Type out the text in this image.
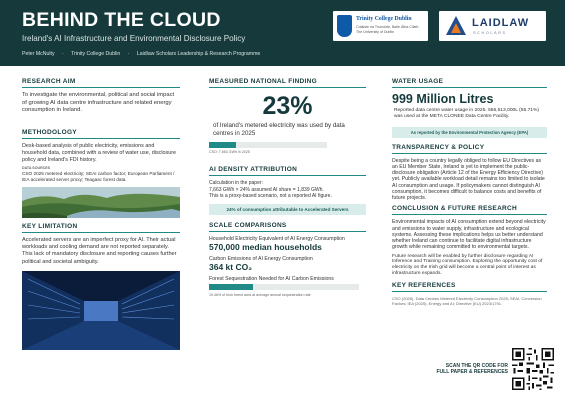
BEHIND THE CLOUD
Ireland's AI Infrastructure and Environmental Disclosure Policy
Peter McNulty · Trinity College Dublin · Laidlaw Scholars Leadership & Research Programme
Trinity College Dublin
Coláiste na Tríonóide, Baile Átha Cliath
The University of Dublin
LAIDLAW
SCHOLARS
RESEARCH AIM
To investigate the environmental, political and social impact of growing AI data centre infrastructure and related energy consumption in Ireland.
METHODOLOGY
Desk-based analysis of public electricity, emissions and household data, combined with a review of water use, disclosure policy and Ireland's FDI history.
DATA SOURCES
CSO 2025 metered electricity; SEAI carbon factor; European Parliament / IEA accelerated server proxy; Teagasc forest data.
KEY LIMITATION
Accelerated servers are an imperfect proxy for AI. Their actual workloads and cooling demand are not reported separately. This lack of mandatory disclosure and reporting causes further political and societal ambiguity.
MEASURED NATIONAL FINDING
23%
of Ireland's metered electricity was used by data centres in 2025
CSO: 7,663 GWh in 2025
AI DENSITY ATTRIBUTION
Calculation in the paper:
7,663 GWh × 24% assumed AI share = 1,839 GWh.
This is a proxy-based scenario, not a reported AI figure.
24% of consumption attributable to Accelerated Servers
SCALE COMPARISONS
Household Electricity Equivalent of AI Energy Consumption
570,000 median households
Carbon Emissions of AI Energy Consumption
364 kt CO₂
Forest Sequestration Needed for AI Carbon Emissions
19.46% of Irish forest area at average annual sequestration rate
WATER USAGE
999 Million Litres
Reported data centre water usage in 2025. 556,513,000L (55.71%) was used at the META CLONEE Data Centre Facility.
As reported by the Environmental Protection Agency (EPA)
TRANSPARENCY & POLICY
Despite being a country legally obliged to follow EU Directives as an EU Member State, Ireland is yet to implement the public-disclosure obligation (Article 12 of the Energy Efficiency Directive) yet. Publicly available workload detail remains too limited to isolate AI consumption and usage. If policymakers cannot distinguish AI consumption, it becomes difficult to balance costs and benefits of future projects.
CONCLUSION & FUTURE RESEARCH
Environmental impacts of AI consumption extend beyond electricity and emissions to water supply, infrastructure and ecological systems. Assessing these implications helps us better understand whether Ireland can continue to facilitate digital infrastructure growth while remaining committed to environmental targets.
Future research will be enabled by further disclosure regarding AI Inference and Training consumption. Exploring the opportunity cost of electricity on the Irish grid will become a central point of interest as infrastructure expands.
KEY REFERENCES
CSO (2026), Data Centres Metered Electricity Consumption 2025; SEAI, Conversion Factors; IEA (2025), Energy and AI; Directive (EU) 2023/1791.
SCAN THE QR CODE FOR
FULL PAPER & REFERENCES
